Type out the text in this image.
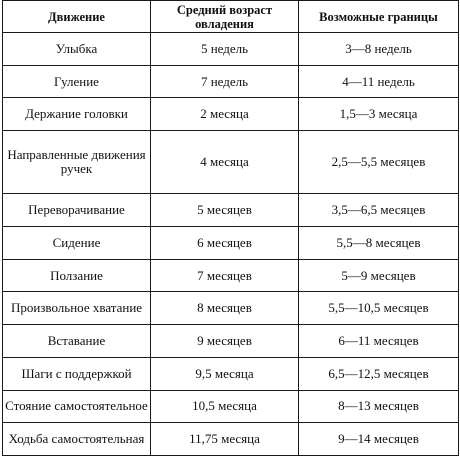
Движение	Средний возраст овладения	Возможные границы
Улыбка	5 недель	3—8 недель
Гуление	7 недель	4—11 недель
Держание головки	2 месяца	1,5—3 месяца
Направленные движения ручек	4 месяца	2,5—5,5 месяцев
Переворачивание	5 месяцев	3,5—6,5 месяцев
Сидение	6 месяцев	5,5—8 месяцев
Ползание	7 месяцев	5—9 месяцев
Произвольное хватание	8 месяцев	5,5—10,5 месяцев
Вставание	9 месяцев	6—11 месяцев
Шаги с поддержкой	9,5 месяца	6,5—12,5 месяцев
Стояние самостоятельное	10,5 месяца	8—13 месяцев
Ходьба самостоятельная	11,75 месяца	9—14 месяцев
